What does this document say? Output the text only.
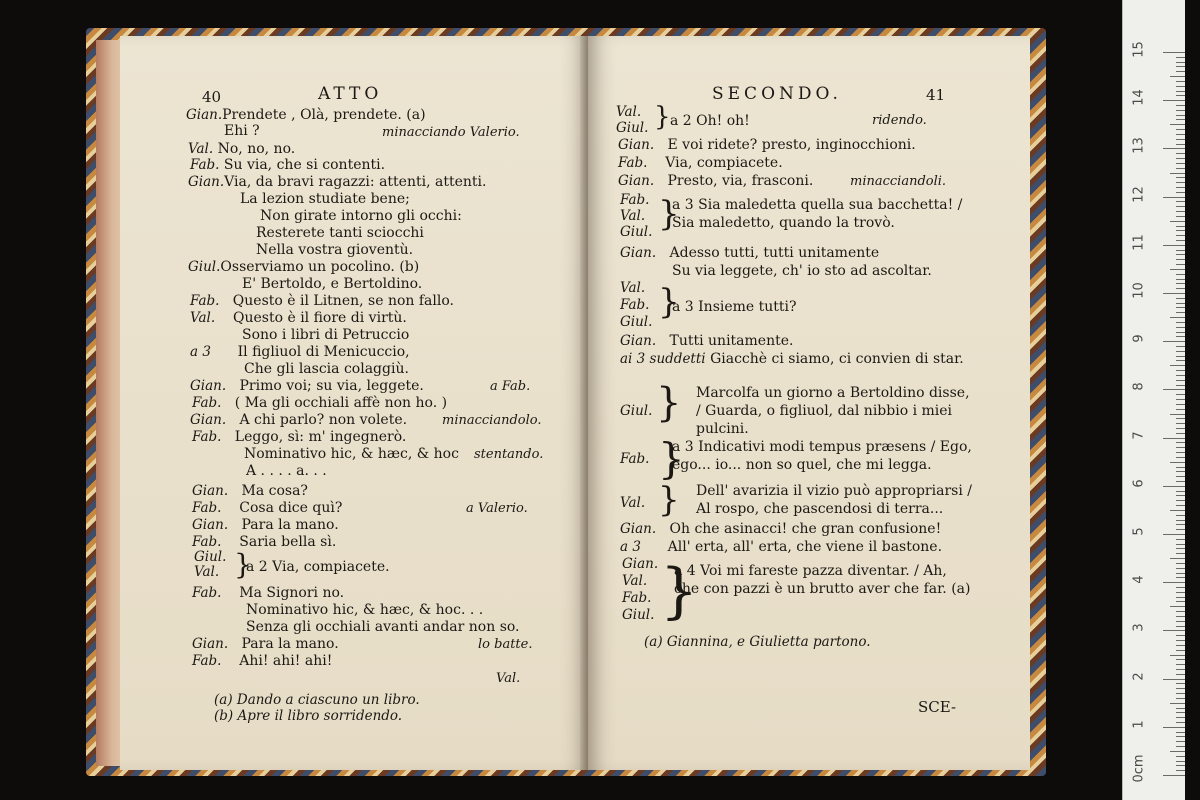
40	ATTO
Gian.Prendete , Olà, prendete. (a)
Ehi ?	minacciando Valerio.
Val. No, no, no.
Fab. Su via, che si contenti.
Gian.Via, da bravi ragazzi: attenti, attenti.
La lezion studiate bene;
Non girate intorno gli occhi:
Resterete tanti sciocchi
Nella vostra gioventù.
Giul.Osserviamo un pocolino. (b)
E' Bertoldo, e Bertoldino.
Fab. Questo è il Litnen, se non fallo.
Val. Questo è il fiore di virtù.
Sono i libri di Petruccio
a 3 Il figliuol di Menicuccio,
Che gli lascia colaggiù.
Gian. Primo voi; su via, leggete.	a Fab.
Fab. ( Ma gli occhiali affè non ho. )
Gian. A chi parlo? non volete.	minacciandolo.
Fab. Leggo, sì: m' ingegnerò.
Nominativo hic, & hæc, & hoc stentando.
A . . . . a. . .
Gian. Ma cosa?
Fab. Cosa dice quì?	a Valerio.
Gian. Para la mano.
Fab. Saria bella sì.
Giul. Val. }
a 2 Via, compiacete.
Fab. Ma Signori no.
Nominativo hic, & hæc, & hoc. . .
Senza gli occhiali avanti andar non so.
Gian. Para la mano.	lo batte.
Fab. Ahi! ahi! ahi!
Val.
(a) Dando a ciascuno un libro.
(b) Apre il libro sorridendo.
SECONDO.	41
Val. Giul. } a 2 Oh! oh!	ridendo.
Gian. E voi ridete? presto, inginocchioni.
Fab. Via, compiacete.
Gian. Presto, via, frasconi.	minacciandoli.
Fab. Val. Giul. }
a 3 Sia maledetta quella sua bacchetta! / Sia maledetto, quando la trovò.
Gian. Adesso tutti, tutti unitamente
Su via leggete, ch' io sto ad ascoltar.
Val. Fab. Giul. }
a 3 Insieme tutti?
Gian. Tutti unitamente.
ai 3 suddetti Giacchè ci siamo, ci convien di star.
Giul. } Marcolfa un giorno a Bertoldino disse, / Guarda, o figliuol, dal nibbio i miei pulcini.
Fab. }
a 3 Indicativi modi tempus præsens / Ego, ego... io... non so quel, che mi legga.
Val. } Dell' avarizia il vizio può appropriarsi / Al rospo, che pascendosi di terra...
Gian. Oh che asinacci! che gran confusione!
a 3 All' erta, all' erta, che viene il bastone.
Gian. Val. Fab. Giul. }
a 4 Voi mi fareste pazza diventar. / Ah, che con pazzi è un brutto aver che far. (a)
(a) Giannina, e Giulietta partono.
SCE-
0cm
1
2
3
4
5
6
7
8
9
10
11
12
13
14
15
